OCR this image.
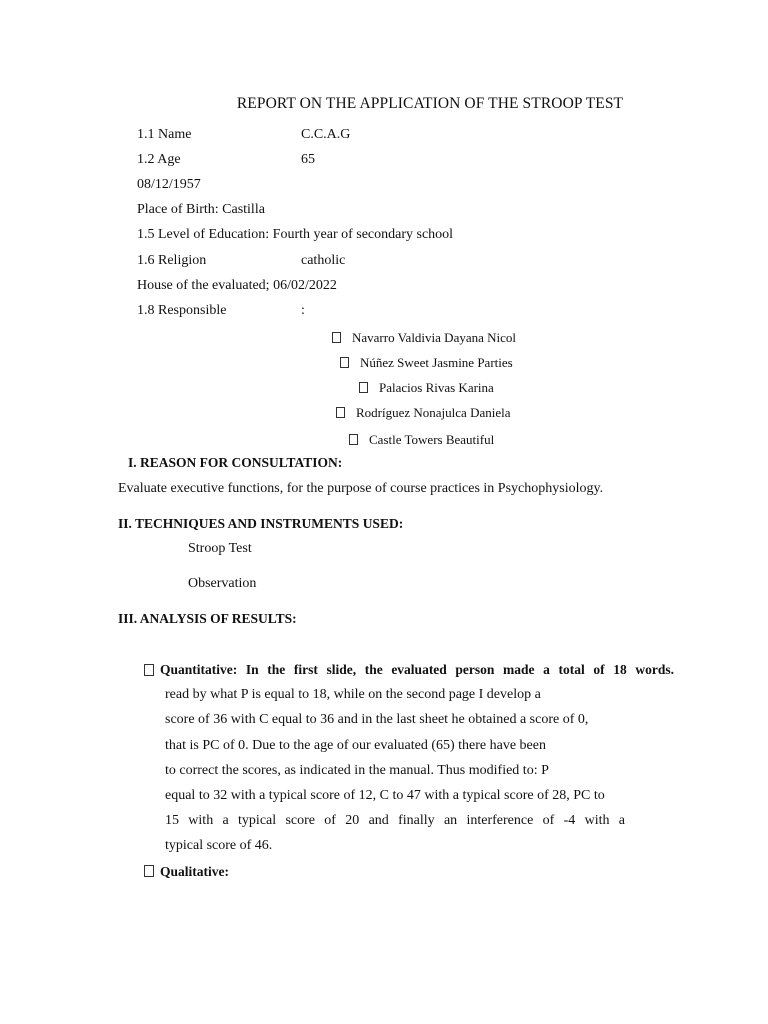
REPORT ON THE APPLICATION OF THE STROOP TEST
1.1 Name	C.C.A.G
1.2 Age	65
08/12/1957
Place of Birth: Castilla
1.5 Level of Education: Fourth year of secondary school
1.6 Religion	catholic
House of the evaluated; 06/02/2022
1.8 Responsible	:
Navarro Valdivia Dayana Nicol
Núñez Sweet Jasmine Parties
Palacios Rivas Karina
Rodríguez Nonajulca Daniela
Castle Towers Beautiful
I. REASON FOR CONSULTATION:
Evaluate executive functions, for the purpose of course practices in Psychophysiology.
II. TECHNIQUES AND INSTRUMENTS USED:
Stroop Test
Observation
III. ANALYSIS OF RESULTS:
Quantitative: In the first slide, the evaluated person made a total of 18 words.
read by what P is equal to 18, while on the second page I develop a
score of 36 with C equal to 36 and in the last sheet he obtained a score of 0,
that is PC of 0. Due to the age of our evaluated (65) there have been
to correct the scores, as indicated in the manual. Thus modified to: P
equal to 32 with a typical score of 12, C to 47 with a typical score of 28, PC to
15 with a typical score of 20 and finally an interference of -4 with a
typical score of 46.
Qualitative:
